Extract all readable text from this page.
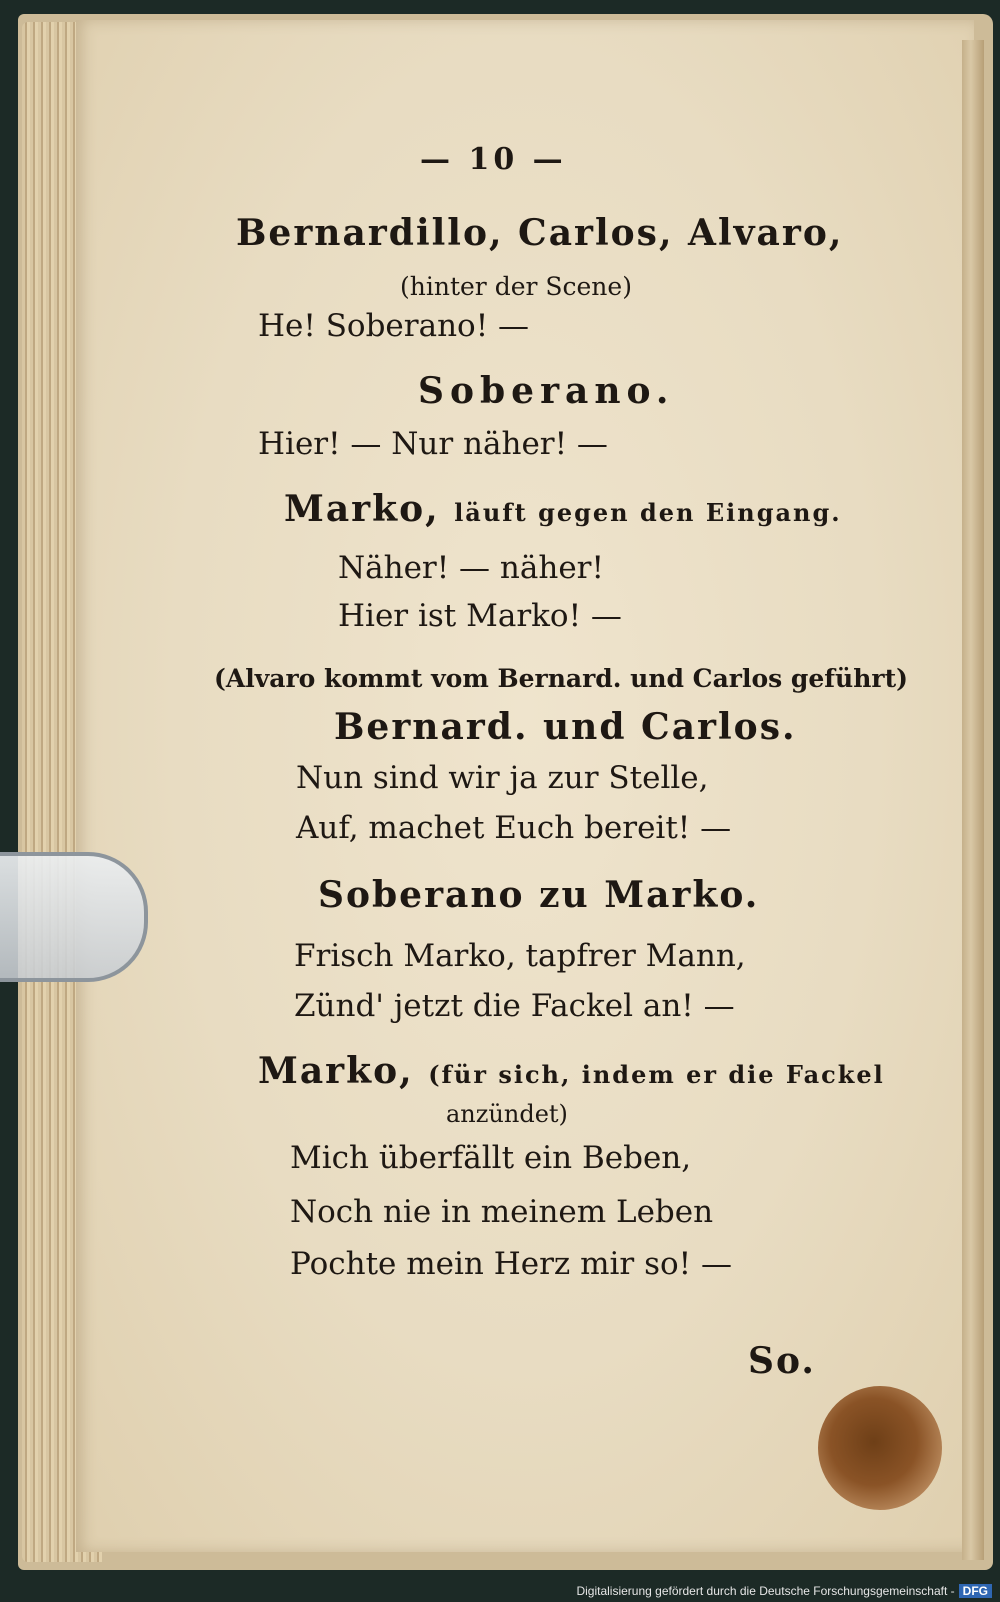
— 10 —
Bernardillo, Carlos, Alvaro,
(hinter der Scene)
He! Soberano! —
Soberano.
Hier! — Nur näher! —
Marko, läuft gegen den Eingang.
Näher! — näher!
Hier ist Marko! —
(Alvaro kommt vom Bernard. und Carlos geführt)
Bernard. und Carlos.
Nun sind wir ja zur Stelle,
Auf, machet Euch bereit! —
Soberano zu Marko.
Frisch Marko, tapfrer Mann,
Zünd' jetzt die Fackel an! —
Marko, (für sich, indem er die Fackel
anzündet)
Mich überfällt ein Beben,
Noch nie in meinem Leben
Pochte mein Herz mir so! —
So.
Digitalisierung gefördert durch die Deutsche Forschungsgemeinschaft - DFG
